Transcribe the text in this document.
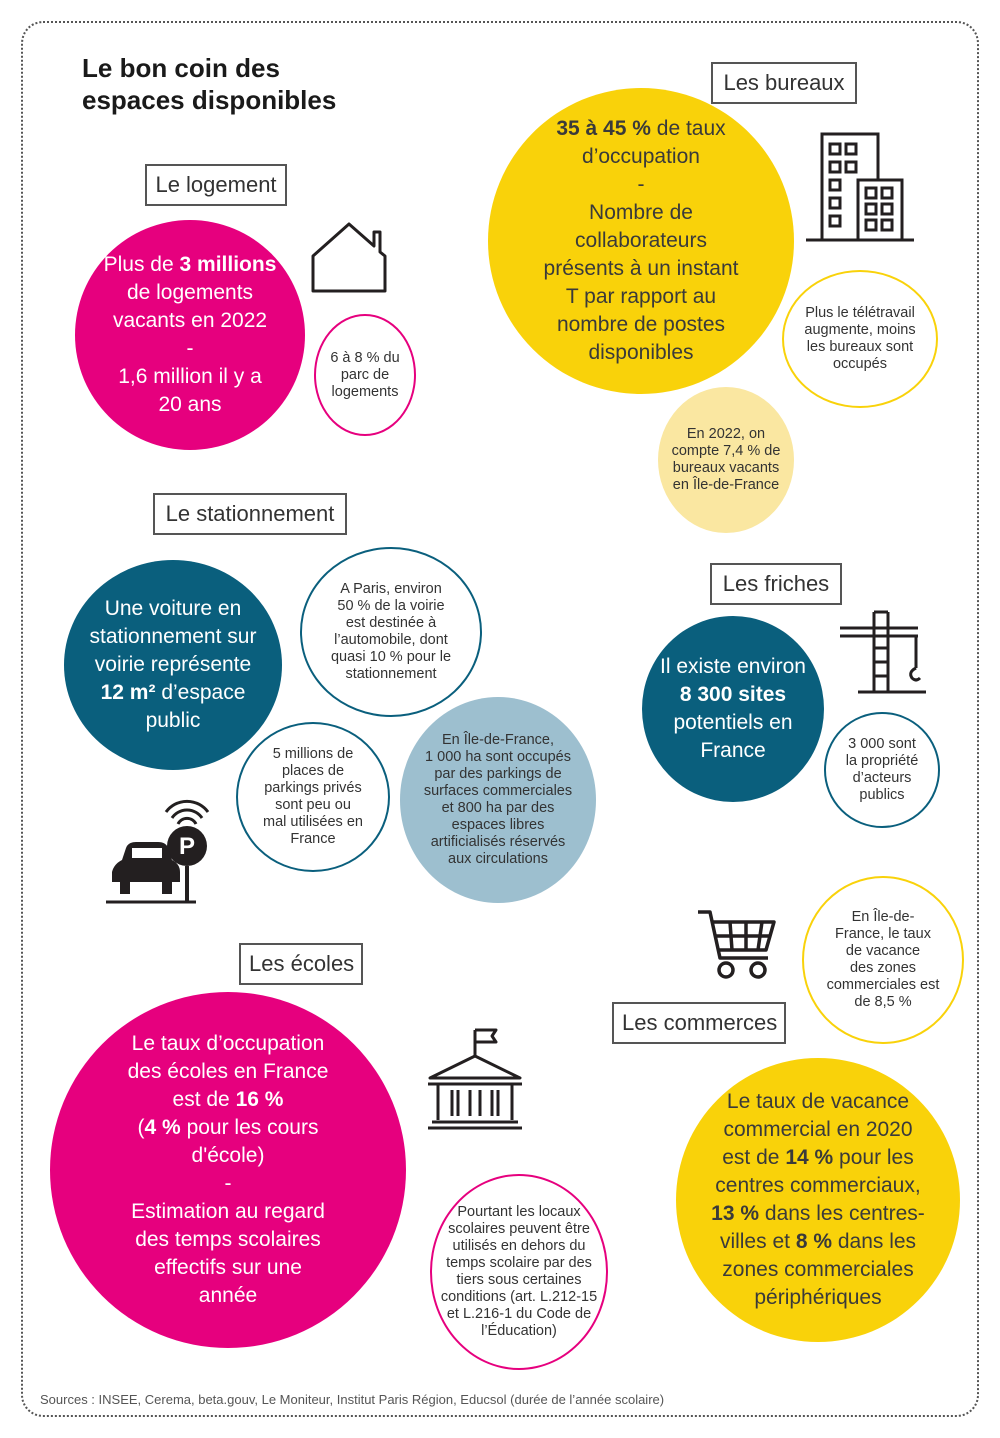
Le bon coin des
espaces disponibles
Le logement
Plus de 3 millions
de logements
vacants en 2022
-
1,6 million il y a
20 ans
6 à 8 % du
parc de
logements
Les bureaux
35 à 45 % de taux
d’occupation
-
Nombre de
collaborateurs
présents à un instant
T par rapport au
nombre de postes
disponibles
Plus le télétravail
augmente, moins
les bureaux sont
occupés
En 2022, on
compte 7,4 % de
bureaux vacants
en Île-de-France
Le stationnement
Une voiture en
stationnement sur
voirie représente
12 m² d’espace
public
A Paris, environ
50 % de la voirie
est destinée à
l’automobile, dont
quasi 10 % pour le
stationnement
5 millions de
places de
parkings privés
sont peu ou
mal utilisées en
France
En Île-de-France,
1 000 ha sont occupés
par des parkings de
surfaces commerciales
et 800 ha par des
espaces libres
artificialisés réservés
aux circulations
P
Les friches
Il existe environ
8 300 sites
potentiels en
France	3 000 sont
la propriété
d’acteurs
publics
En Île-de-
France, le taux
de vacance
des zones
commerciales est
de 8,5 %
Les commerces
Le taux de vacance
commercial en 2020
est de 14 % pour les
centres commerciaux,
13 % dans les centres-
villes et 8 % dans les
zones commerciales
périphériques
Les écoles
Le taux d’occupation
des écoles en France
est de 16 %
(4 % pour les cours
d'école)
-
Estimation au regard
des temps scolaires
effectifs sur une
année
Pourtant les locaux
scolaires peuvent être
utilisés en dehors du
temps scolaire par des
tiers sous certaines
conditions (art. L.212-15
et L.216-1 du Code de
l’Éducation)
Sources : INSEE, Cerema, beta.gouv, Le Moniteur, Institut Paris Région, Educsol (durée de l’année scolaire)
